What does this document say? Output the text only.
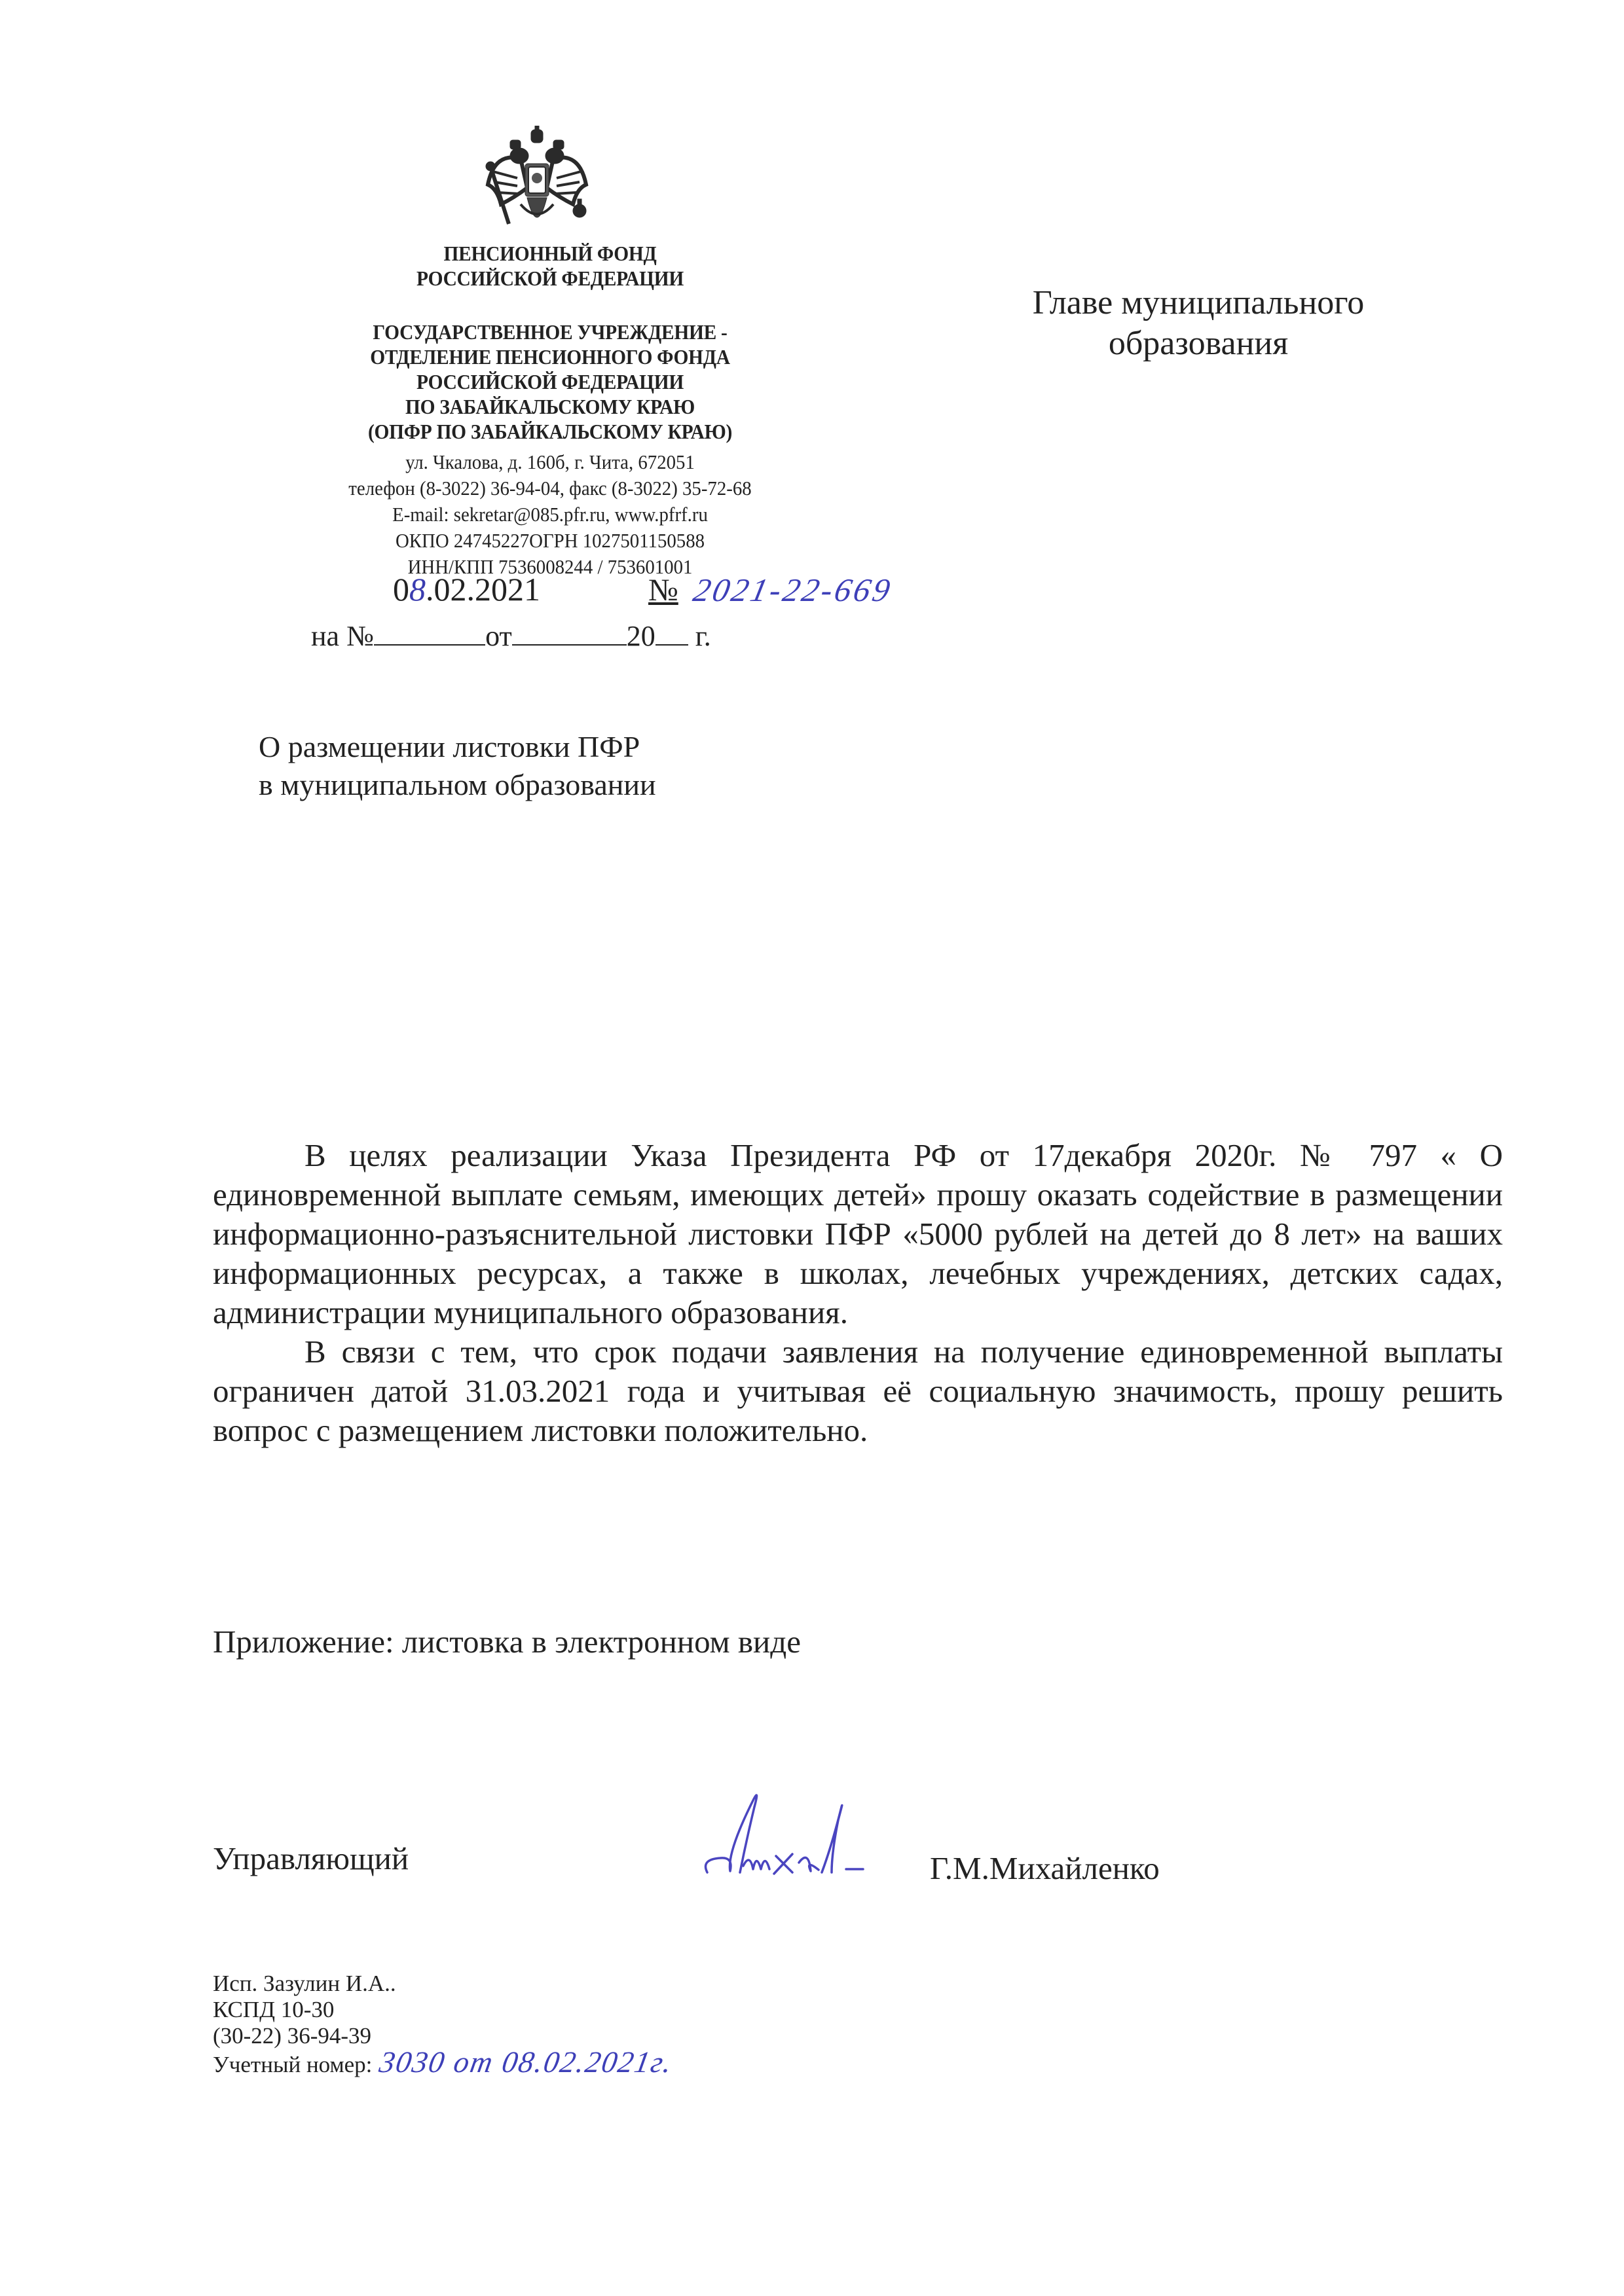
ПЕНСИОННЫЙ ФОНД
РОССИЙСКОЙ ФЕДЕРАЦИИ
ГОСУДАРСТВЕННОЕ УЧРЕЖДЕНИЕ -
ОТДЕЛЕНИЕ ПЕНСИОННОГО ФОНДА
РОССИЙСКОЙ ФЕДЕРАЦИИ
ПО ЗАБАЙКАЛЬСКОМУ КРАЮ
(ОПФР ПО ЗАБАЙКАЛЬСКОМУ КРАЮ)
ул. Чкалова, д. 160б, г. Чита, 672051
телефон (8-3022) 36-94-04, факс (8-3022) 35-72-68
E-mail: sekretar@085.pfr.ru, www.pfrf.ru
ОКПО 24745227ОГРН 1027501150588
ИНН/КПП 7536008244 / 753601001
08.02.2021	№ 2021-22-669
на №	от	20 г.
Главе муниципального
образования
О размещении листовки ПФР
в муниципальном образовании

В целях реализации Указа Президента РФ от 17декабря 2020г. № 797 « О единовременной выплате семьям, имеющих детей» прошу оказать содействие в размещении информационно-разъяснительной листовки ПФР «5000 рублей на детей до 8 лет» на ваших информационных ресурсах, а также в школах, лечебных учреждениях, детских садах, администрации муниципального образования.

В связи с тем, что срок подачи заявления на получение единовременной выплаты ограничен датой 31.03.2021 года и учитывая её социальную значимость, прошу решить вопрос с размещением листовки положительно.

Приложение: листовка в электронном виде
Управляющий	Г.М.Михайленко
Исп. Зазулин И.А..
КСПД 10-30
(30-22) 36-94-39
Учетный номер: 3030 от 08.02.2021г.
